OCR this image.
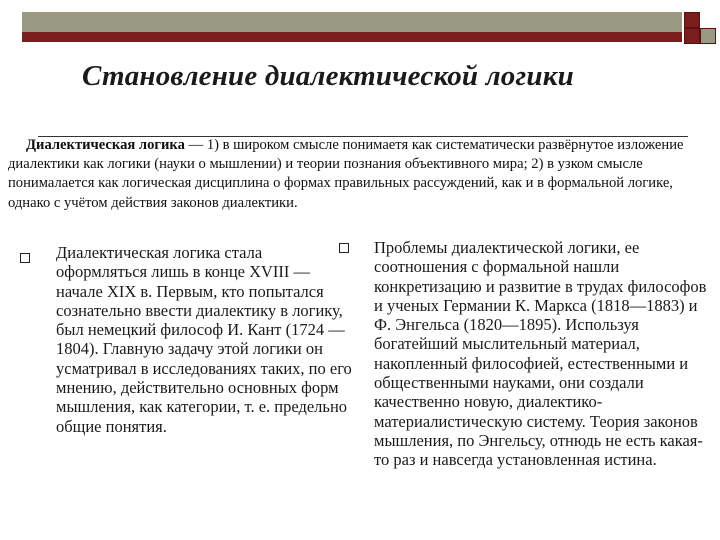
Становление диалектической логики
Диалектическая логика — 1) в широком смысле понимаетя как систематически развёрнутое изложение диалектики как логики (науки о мышлении) и теории познания объективного мира; 2) в узком смысле понималается как логическая дисциплина о формах правильных рассуждений, как и в формальной логике, однако с учётом действия законов диалектики.
Диалектическая логика стала оформляться лишь в конце XVIII — начале XIX в. Первым, кто попытался сознательно ввести диалектику в логику, был немецкий философ И. Кант (1724 — 1804). Главную задачу этой логики он усматривал в исследованиях таких, по его мнению, действительно основных форм мышления, как категории, т. е. предельно общие понятия.
Проблемы диалектической логики, ее соотношения с формальной нашли конкретизацию и развитие в трудах философов и ученых Германии К. Маркса (1818—1883) и Ф. Энгельса (1820—1895). Используя богатейший мыслительный материал, накопленный философией, естественными и общественными науками, они создали качественно новую, диалектико-материалистическую систему. Теория законов мышления, по Энгельсу, отнюдь не есть какая-то раз и навсегда установленная истина.
